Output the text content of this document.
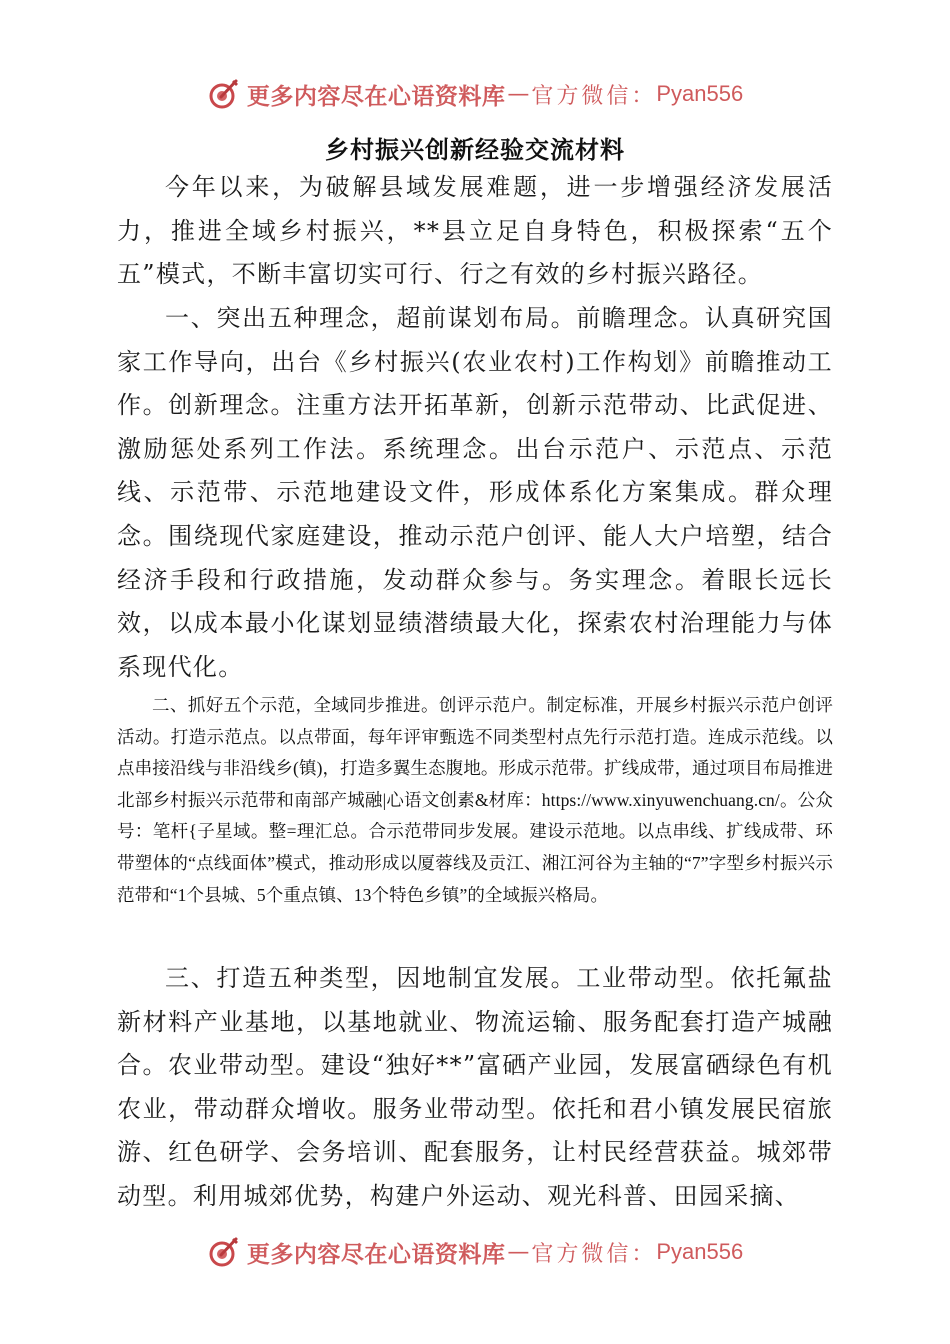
更多内容尽在心语资料库 — 官方微信： Pyan556
乡村振兴创新经验交流材料

今年以来，为破解县域发展难题，进一步增强经济发展活力，推进全域乡村振兴，**县立足自身特色，积极探索“五个五”模式，不断丰富切实可行、行之有效的乡村振兴路径。

一、突出五种理念，超前谋划布局。前瞻理念。认真研究国家工作导向，出台《乡村振兴(农业农村)工作构划》前瞻推动工作。创新理念。注重方法开拓革新，创新示范带动、比武促进、激励惩处系列工作法。系统理念。出台示范户、示范点、示范线、示范带、示范地建设文件，形成体系化方案集成。群众理念。围绕现代家庭建设，推动示范户创评、能人大户培塑，结合经济手段和行政措施，发动群众参与。务实理念。着眼长远长效，以成本最小化谋划显绩潜绩最大化，探索农村治理能力与体系现代化。

二、抓好五个示范，全域同步推进。创评示范户。制定标准，开展乡村振兴示范户创评活动。打造示范点。以点带面，每年评审甄选不同类型村点先行示范打造。连成示范线。以点串接沿线与非沿线乡(镇)，打造多翼生态腹地。形成示范带。扩线成带，通过项目布局推进北部乡村振兴示范带和南部产城融|心语文创素&材库：https://www.xinyuwenchuang.cn/。公众号：笔杆{子星域。整=理汇总。合示范带同步发展。建设示范地。以点串线、扩线成带、环带塑体的“点线面体”模式，推动形成以厦蓉线及贡江、湘江河谷为主轴的“7”字型乡村振兴示范带和“1个县城、5个重点镇、13个特色乡镇”的全域振兴格局。

三、打造五种类型，因地制宜发展。工业带动型。依托氟盐新材料产业基地，以基地就业、物流运输、服务配套打造产城融合。农业带动型。建设“独好**”富硒产业园，发展富硒绿色有机农业，带动群众增收。服务业带动型。依托和君小镇发展民宿旅游、红色研学、会务培训、配套服务，让村民经营获益。城郊带动型。利用城郊优势，构建户外运动、观光科普、田园采摘、

更多内容尽在心语资料库 — 官方微信： Pyan556
